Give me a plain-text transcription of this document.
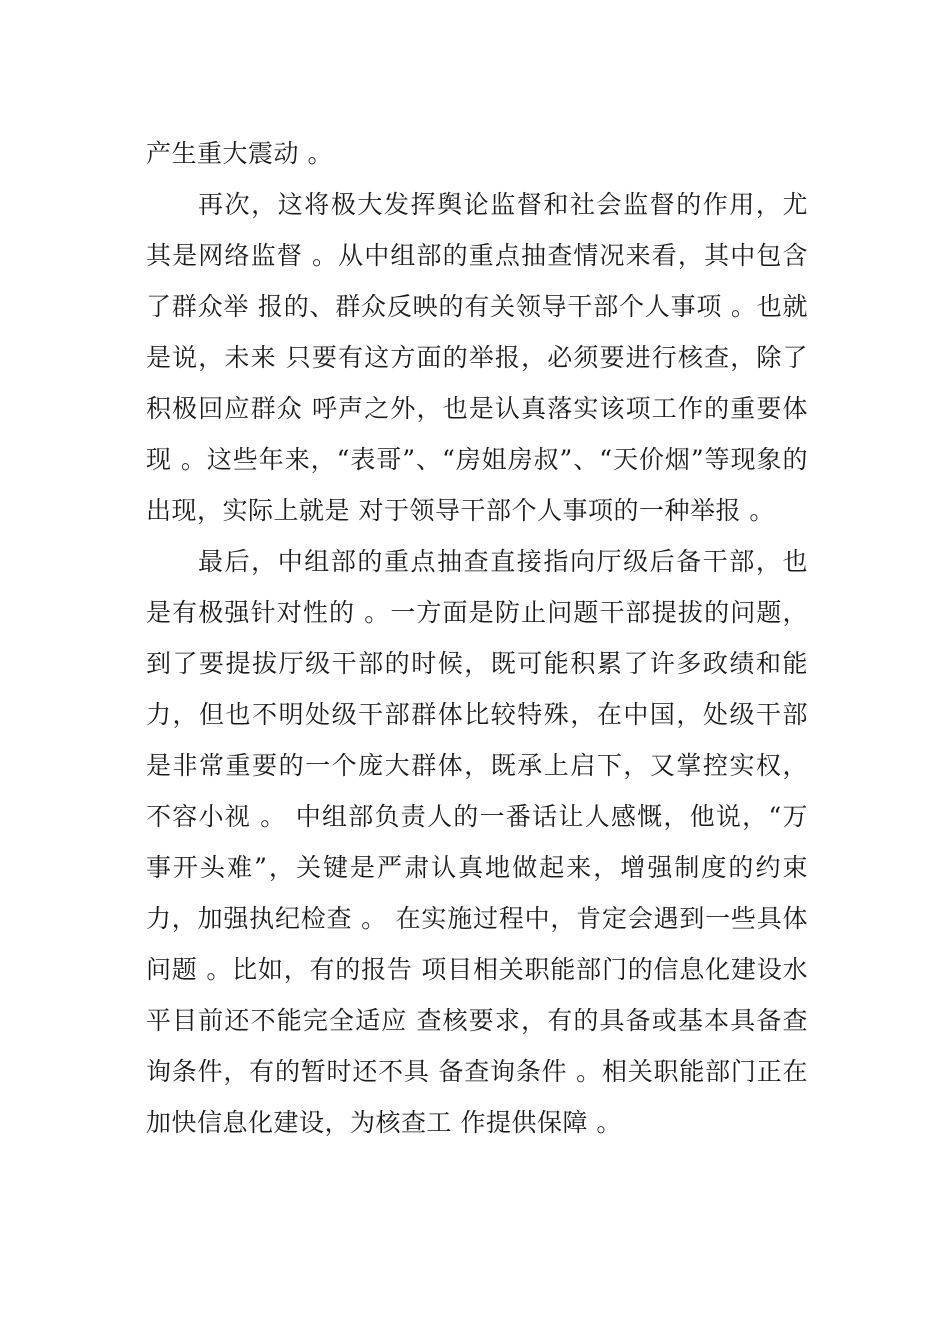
产生重大震动 。

再次，这将极大发挥舆论监督和社会监督的作用，尤其是网络监督 。从中组部的重点抽查情况来看，其中包含了群众举 报的、群众反映的有关领导干部个人事项 。也就是说，未来 只要有这方面的举报，必须要进行核查，除了积极回应群众 呼声之外，也是认真落实该项工作的重要体现 。这些年来，“表哥”、“房姐房叔”、“天价烟”等现象的出现，实际上就是 对于领导干部个人事项的一种举报 。

最后，中组部的重点抽查直接指向厅级后备干部，也是有极强针对性的 。一方面是防止问题干部提拔的问题，到了要提拔厅级干部的时候，既可能积累了许多政绩和能力，但也不明处级干部群体比较特殊，在中国，处级干部是非常重要的一个庞大群体，既承上启下，又掌控实权，不容小视 。 中组部负责人的一番话让人感慨，他说，“万事开头难”，关键是严肃认真地做起来，增强制度的约束力，加强执纪检查 。 在实施过程中，肯定会遇到一些具体问题 。比如，有的报告 项目相关职能部门的信息化建设水平目前还不能完全适应 查核要求，有的具备或基本具备查询条件，有的暂时还不具 备查询条件 。相关职能部门正在加快信息化建设，为核查工 作提供保障 。
